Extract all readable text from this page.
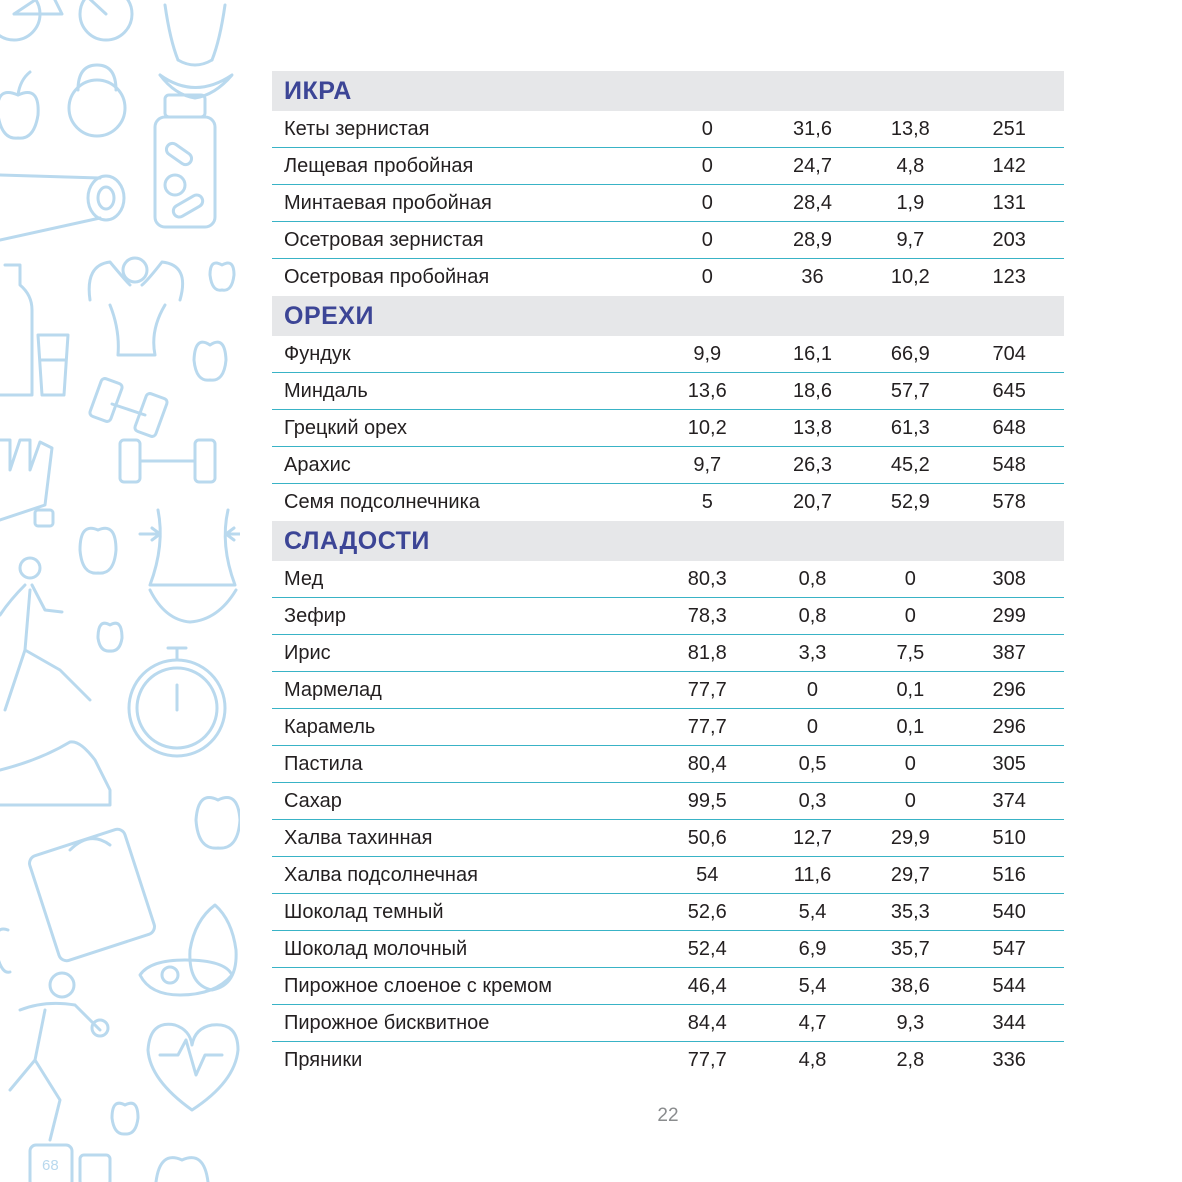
68
ИКРА
Кеты зернистая	0	31,6	13,8	251
Лещевая пробойная	0	24,7	4,8	142
Минтаевая пробойная	0	28,4	1,9	131
Осетровая зернистая	0	28,9	9,7	203
Осетровая пробойная	0	36	10,2	123
ОРЕХИ
Фундук	9,9	16,1	66,9	704
Миндаль	13,6	18,6	57,7	645
Грецкий орех	10,2	13,8	61,3	648
Арахис	9,7	26,3	45,2	548
Семя подсолнечника	5	20,7	52,9	578
СЛАДОСТИ
Мед	80,3	0,8	0	308
Зефир	78,3	0,8	0	299
Ирис	81,8	3,3	7,5	387
Мармелад	77,7	0	0,1	296
Карамель	77,7	0	0,1	296
Пастила	80,4	0,5	0	305
Сахар	99,5	0,3	0	374
Халва тахинная	50,6	12,7	29,9	510
Халва подсолнечная	54	11,6	29,7	516
Шоколад темный	52,6	5,4	35,3	540
Шоколад молочный	52,4	6,9	35,7	547
Пирожное слоеное с кремом	46,4	5,4	38,6	544
Пирожное бисквитное	84,4	4,7	9,3	344
Пряники	77,7	4,8	2,8	336
22
